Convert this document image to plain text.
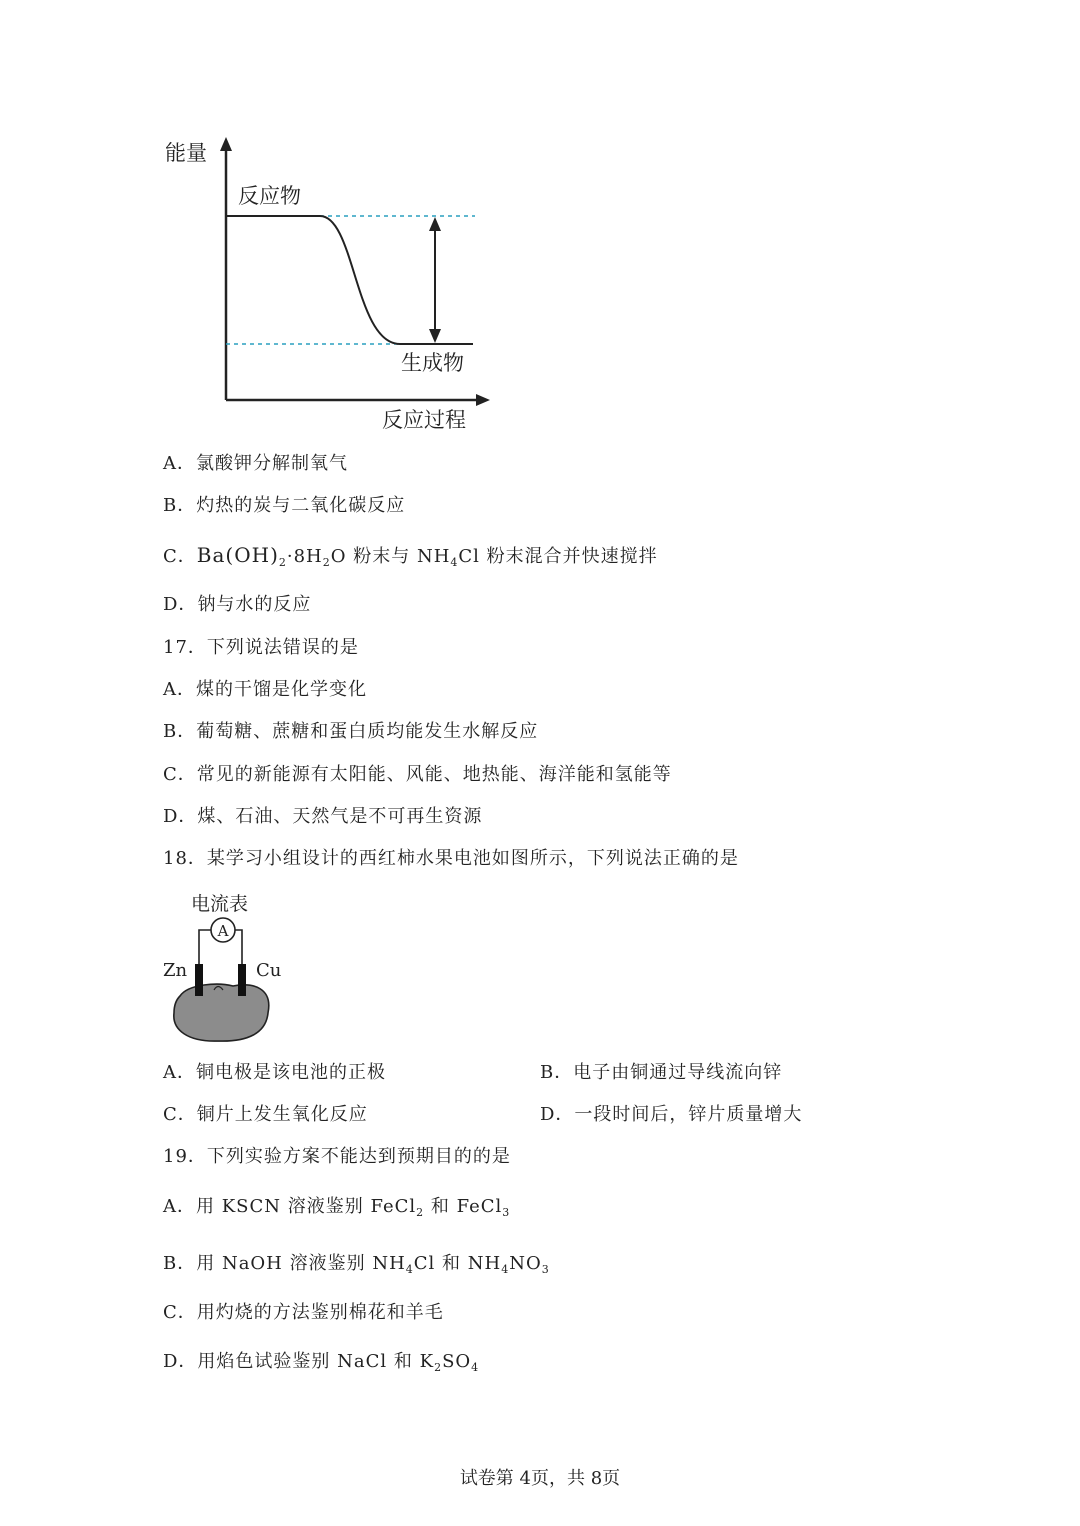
能量
反应物
生成物
反应过程
A．氯酸钾分解制氧气
B．灼热的炭与二氧化碳反应
C．$Ba(OH)_2\cdot 8H_2O$ 粉末与 $NH_4Cl$ 粉末混合并快速搅拌
D．钠与水的反应
17．下列说法错误的是
A．煤的干馏是化学变化
B．葡萄糖、蔗糖和蛋白质均能发生水解反应
C．常见的新能源有太阳能、风能、地热能、海洋能和氢能等
D．煤、石油、天然气是不可再生资源
18．某学习小组设计的西红柿水果电池如图所示，下列说法正确的是
电流表
A
Zn	Cu
A．铜电极是该电池的正极	B．电子由铜通过导线流向锌
C．铜片上发生氧化反应	D．一段时间后，锌片质量增大
19．下列实验方案不能达到预期目的的是
A．用 KSCN 溶液鉴别 FeCl$_2$ 和 FeCl$_3$
B．用 NaOH 溶液鉴别 $NH_4Cl$ 和 $NH_4NO_3$
C．用灼烧的方法鉴别棉花和羊毛
D．用焰色试验鉴别 NaCl 和 $K_2SO_4$
试卷第 4页，共 8页
